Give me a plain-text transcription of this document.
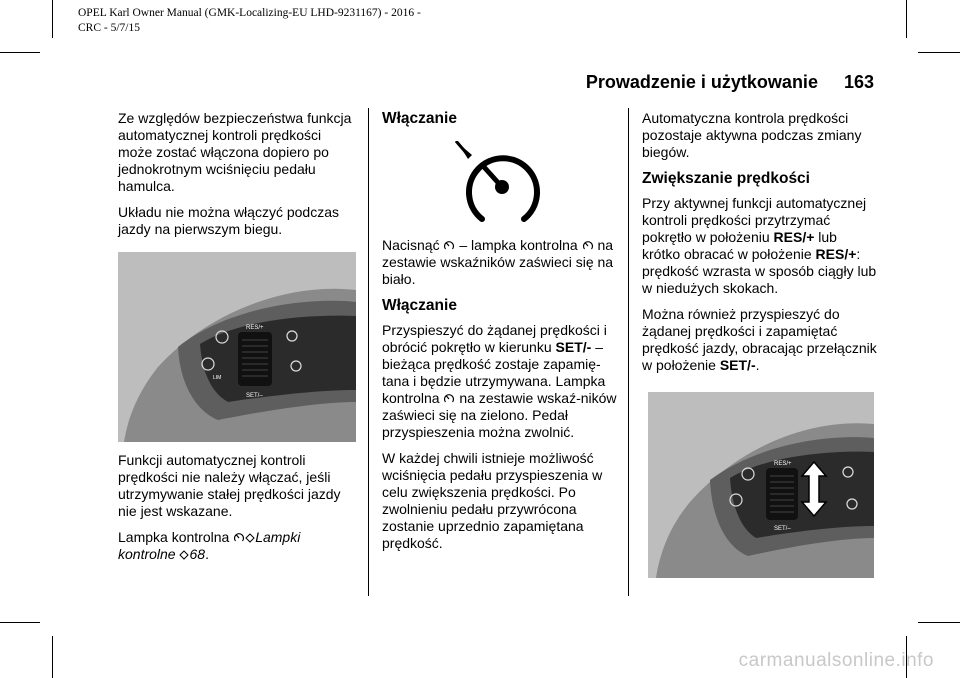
OPEL Karl Owner Manual (GMK-Localizing-EU LHD-9231167) - 2016 -
CRC - 5/7/15
Prowadzenie i użytkowanie 163

Ze względów bezpieczeństwa funkcja automatycznej kontroli prędkości może zostać włączona dopiero po jednokrotnym wciśnięciu pedału hamulca.

Układu nie można włączyć podczas jazdy na pierwszym biegu.

RES/+
SET/–
LIM

Funkcji automatycznej kontroli prędkości nie należy włączać, jeśli utrzymywanie stałej prędkości jazdy nie jest wskazane.

Lampka kontrolna Lampki kontrolne 68.

Włączanie

Nacisnąć – lampka kontrolna na zestawie wskaźników zaświeci się na biało.

Włączanie

Przyspieszyć do żądanej prędkości i obrócić pokrętło w kierunku SET/- – bieżąca prędkość zostaje zapamię-tana i będzie utrzymywana. Lampka kontrolna na zestawie wskaź-ników zaświeci się na zielono. Pedał przyspieszenia można zwolnić.

W każdej chwili istnieje możliwość wciśnięcia pedału przyspieszenia w celu zwiększenia prędkości. Po zwolnieniu pedału przywrócona zostanie uprzednio zapamiętana prędkość.

Automatyczna kontrola prędkości pozostaje aktywna podczas zmiany biegów.

Zwiększanie prędkości

Przy aktywnej funkcji automatycznej kontroli prędkości przytrzymać pokrętło w położeniu RES/+ lub krótko obracać w położenie RES/+: prędkość wzrasta w sposób ciągły lub w niedużych skokach.

Można również przyspieszyć do żądanej prędkości i zapamiętać prędkość jazdy, obracając przełącznik w położenie SET/-.

RES/+
SET/–
carmanualsonline.info
